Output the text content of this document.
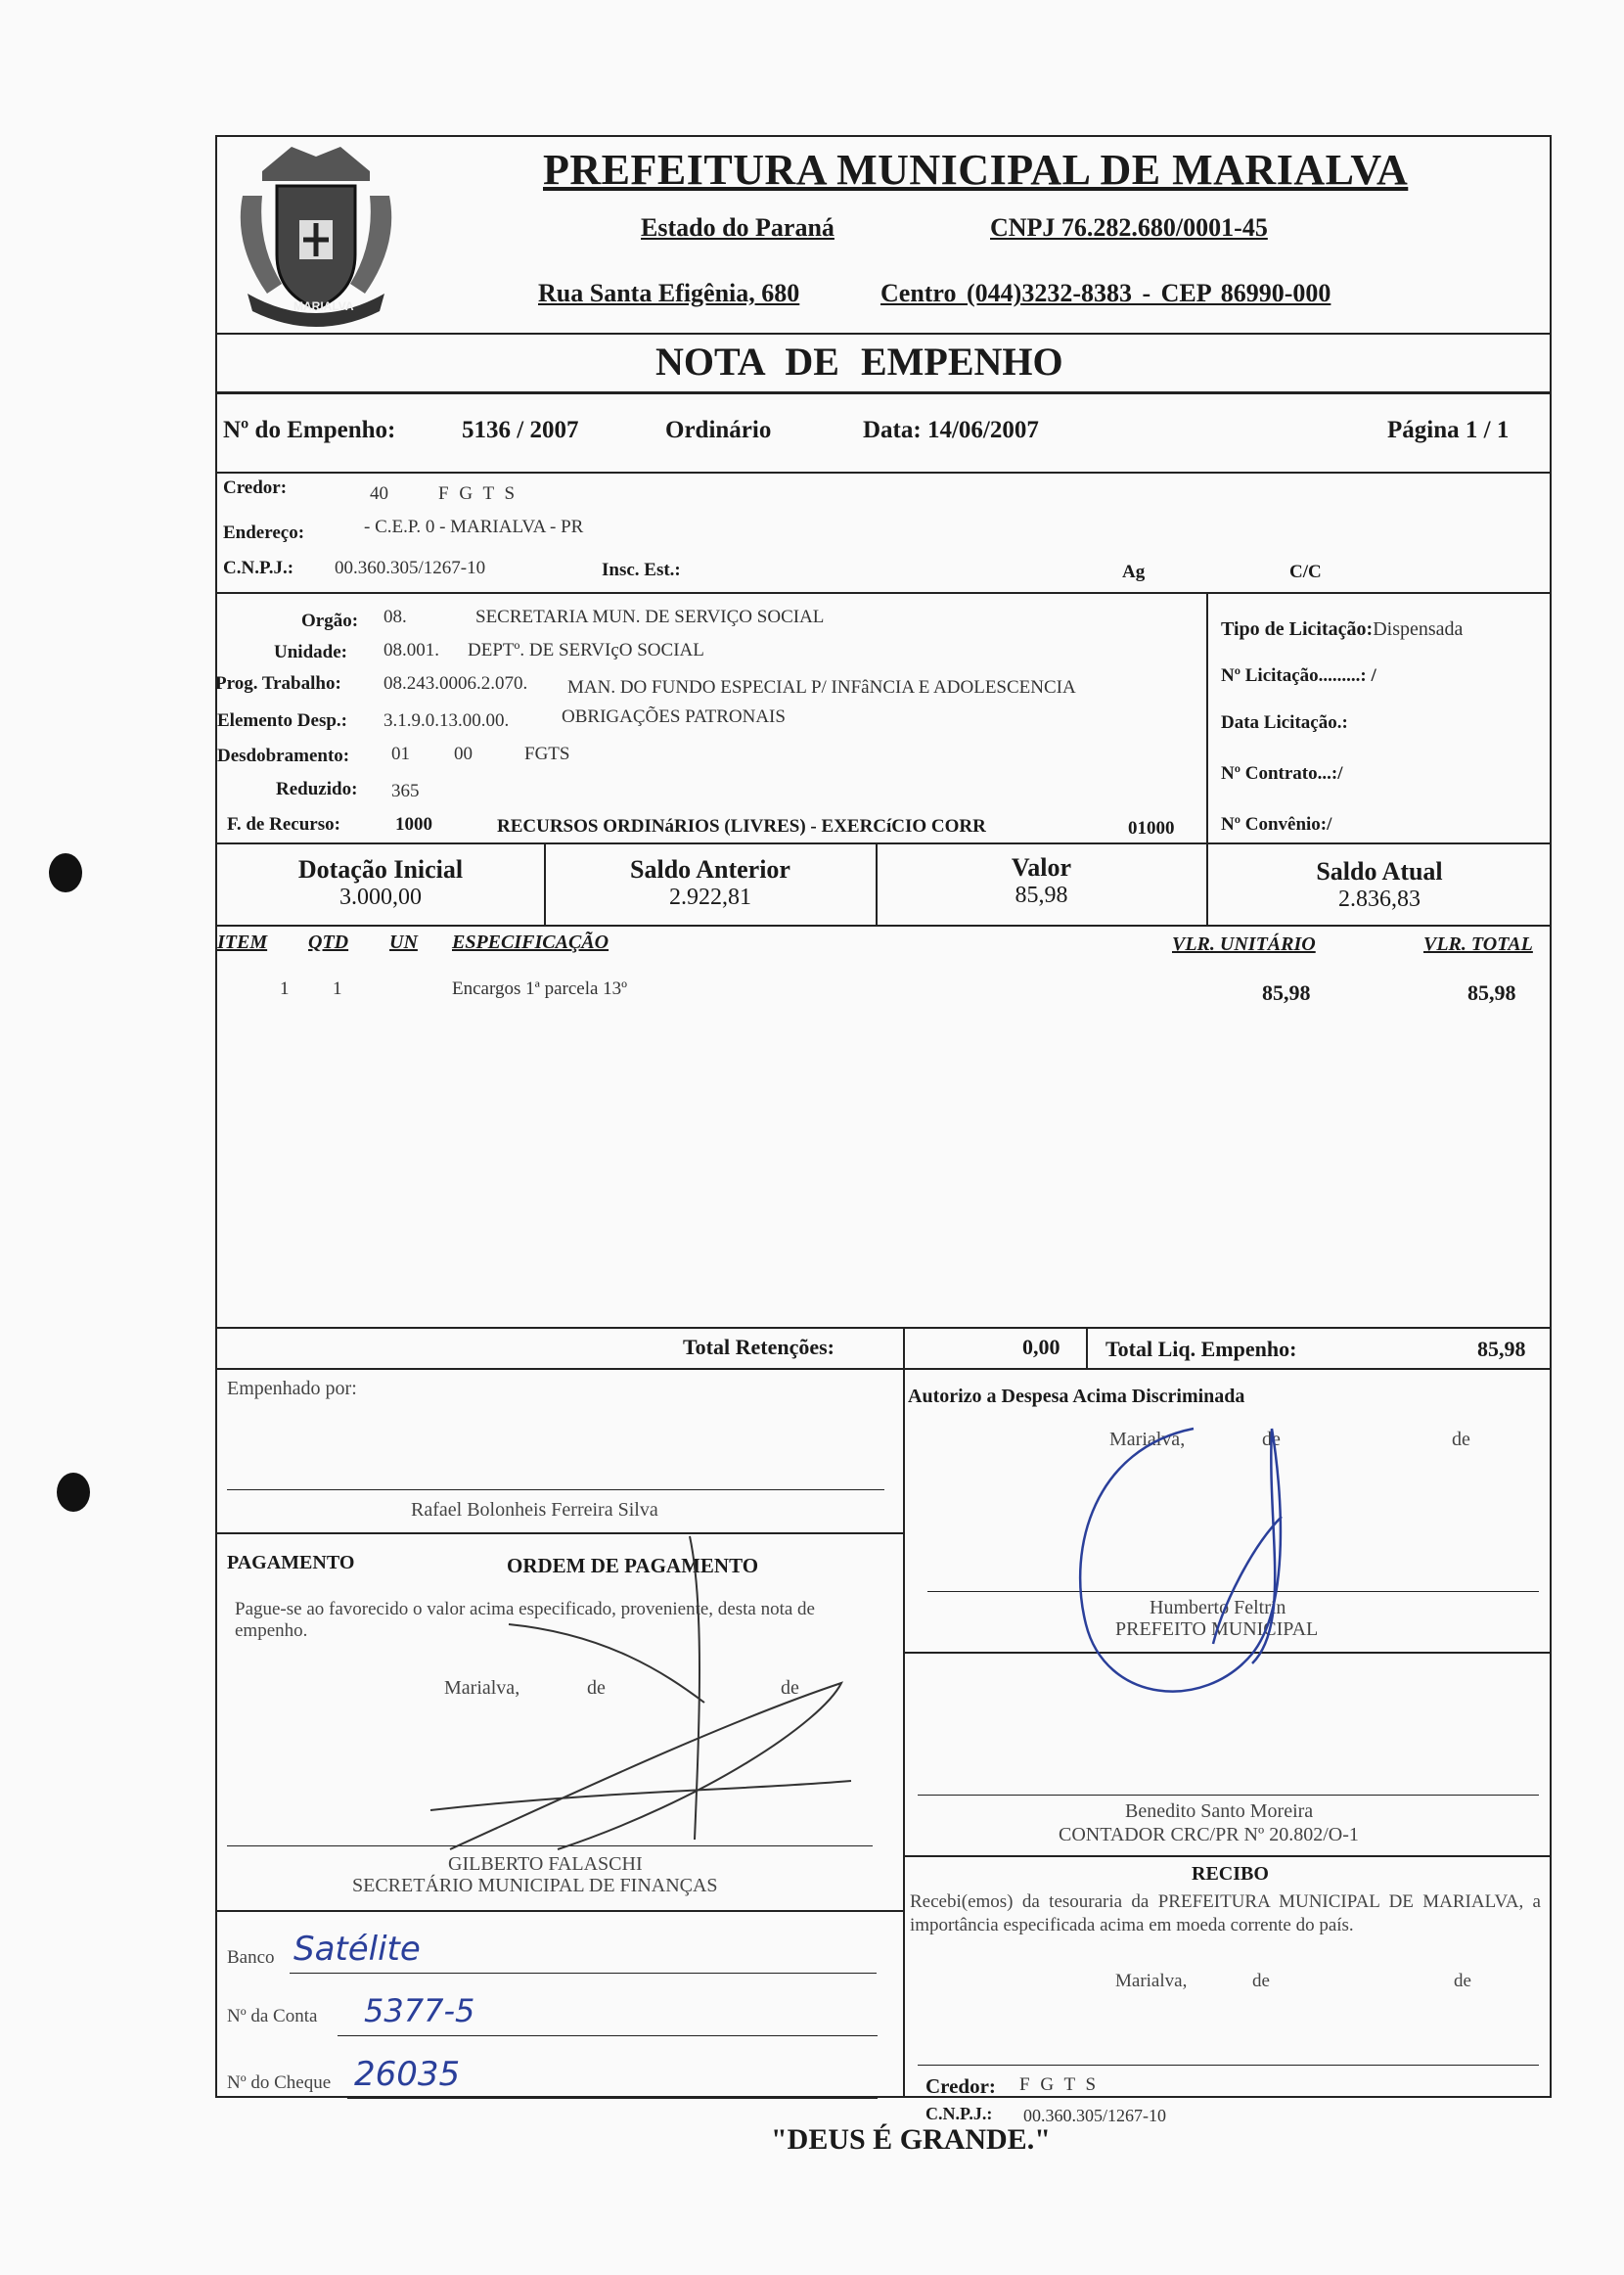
MARIALVA
PREFEITURA MUNICIPAL DE MARIALVA
Estado do Paraná	CNPJ 76.282.680/0001-45
Rua Santa Efigênia, 680	Centro (044)3232-8383 - CEP 86990-000
NOTA DE EMPENHO
Nº do Empenho:	5136 / 2007	Ordinário	Data: 14/06/2007	Página 1 / 1
Credor:	40	F G T S
Endereço:	- C.E.P. 0 - MARIALVA - PR
C.N.P.J.: 00.360.305/1267-10	Insc. Est.:	Ag	C/C
Orgão: 08.	SECRETARIA MUN. DE SERVIÇO SOCIAL
Unidade: 08.001. DEPTº. DE SERVIçO SOCIAL
Prog. Trabalho: 08.243.0006.2.070. MAN. DO FUNDO ESPECIAL P/ INFâNCIA E ADOLESCENCIA
Elemento Desp.: 3.1.9.0.13.00.00.	OBRIGAÇÕES PATRONAIS
Desdobramento: 01 00	FGTS
Reduzido: 365
F. de Recurso:	1000	RECURSOS ORDINáRIOS (LIVRES) - EXERCíCIO CORR	01000
Tipo de Licitação:Dispensada
Nº Licitação.........: /
Data Licitação.:
Nº Contrato...:/
Nº Convênio:/
Dotação Inicial
3.000,00
Saldo Anterior
2.922,81
Valor
85,98
Saldo Atual
2.836,83
ITEM QTD UN ESPECIFICAÇÃO	VLR. UNITÁRIO	VLR. TOTAL
1 1	Encargos 1ª parcela 13º	85,98	85,98
Total Retenções:	0,00 Total Liq. Empenho:	85,98
Empenhado por:
Rafael Bolonheis Ferreira Silva
Autorizo a Despesa Acima Discriminada
Marialva,	de	de
Humberto Feltrin
PREFEITO MUNICIPAL
Benedito Santo Moreira
CONTADOR CRC/PR Nº 20.802/O-1
PAGAMENTO	ORDEM DE PAGAMENTO
Pague-se ao favorecido o valor acima especificado, proveniente, desta nota de empenho.
Marialva,	de	de
GILBERTO FALASCHI
SECRETÁRIO MUNICIPAL DE FINANÇAS
Banco Satélite
Nº da Conta 5377-5
Nº do Cheque 26035
RECIBO
Recebi(emos) da tesouraria da PREFEITURA MUNICIPAL DE MARIALVA, a importância especificada acima em moeda corrente do país.
Marialva,	de	de
Credor: F G T S
C.N.P.J.: 00.360.305/1267-10
"DEUS É GRANDE."
